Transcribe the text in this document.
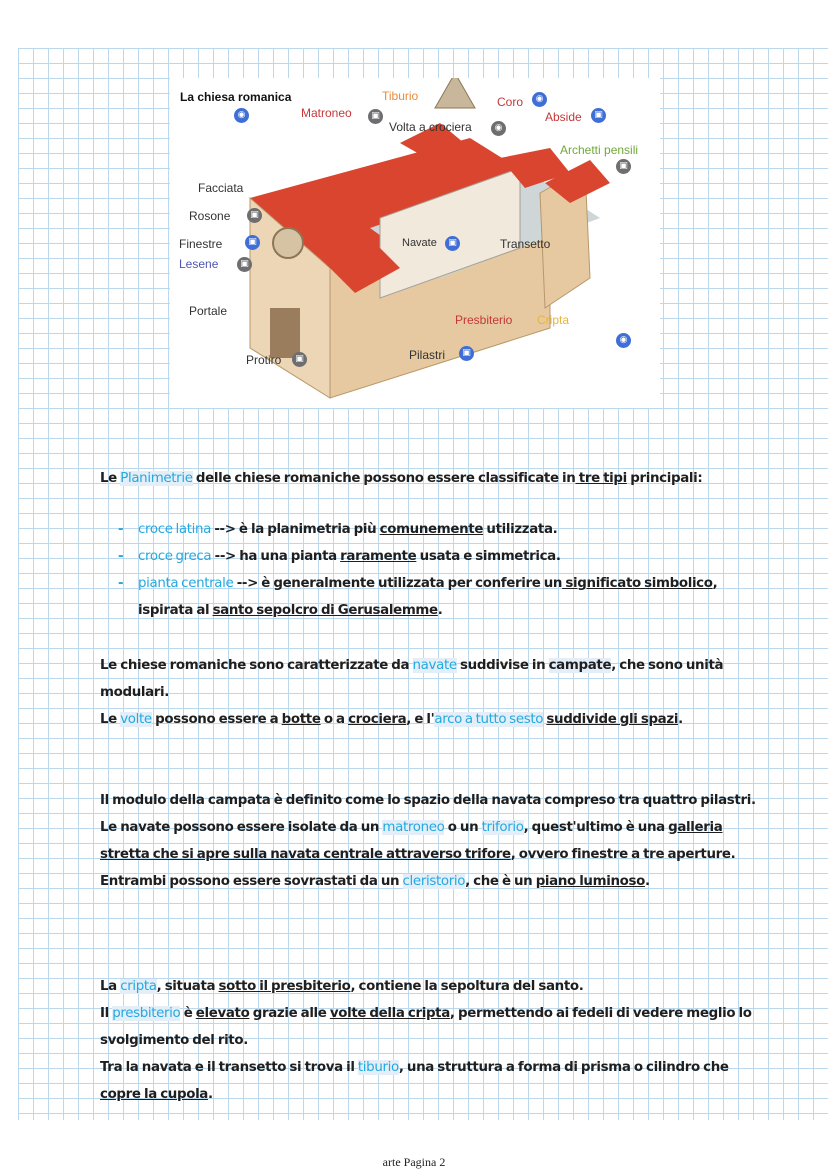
La chiesa romanica	Tiburio	Coro	◉
Matroneo	▣
◉	Abside	▣
Volta a crociera	◉
Archetti pensili
▣
Facciata
Rosone	▣
Finestre	▣
Lesene	▣
Navate	▣	Transetto
Portale
Presbiterio Cripta
◉
Pilastri	▣
Protiro	▣

Le Planimetrie delle chiese romaniche possono essere classificate in tre tipi principali:

- croce latina --> è la planimetria più comunemente utilizzata.
- croce greca --> ha una pianta raramente usata e simmetrica.
- pianta centrale --> è generalmente utilizzata per conferire un significato simbolico, ispirata al santo sepolcro di Gerusalemme.

Le chiese romaniche sono caratterizzate da navate suddivise in campate, che sono unità modulari.

Le volte possono essere a botte o a crociera, e l'arco a tutto sesto suddivide gli spazi.

Il modulo della campata è definito come lo spazio della navata compreso tra quattro pilastri.

Le navate possono essere isolate da un matroneo o un triforio, quest'ultimo è una galleria stretta che si apre sulla navata centrale attraverso trifore, ovvero finestre a tre aperture.

Entrambi possono essere sovrastati da un cleristorio, che è un piano luminoso.

La cripta, situata sotto il presbiterio, contiene la sepoltura del santo.

Il presbiterio è elevato grazie alle volte della cripta, permettendo ai fedeli di vedere meglio lo svolgimento del rito.

Tra la navata e il transetto si trova il tiburio, una struttura a forma di prisma o cilindro che copre la cupola.

arte Pagina 2
